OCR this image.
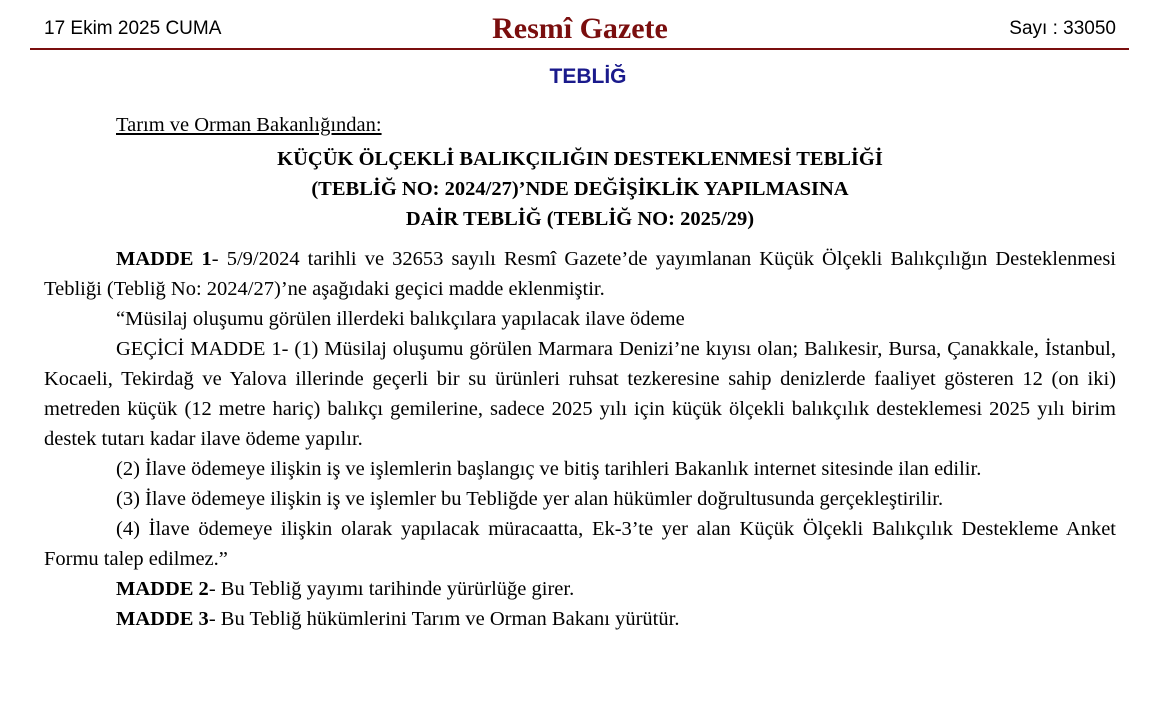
17 Ekim 2025 CUMA	Resmî Gazete	Sayı : 33050
TEBLİĞ
Tarım ve Orman Bakanlığından:
KÜÇÜK ÖLÇEKLİ BALIKÇILIĞIN DESTEKLENMESİ TEBLİĞİ
(TEBLİĞ NO: 2024/27)’NDE DEĞİŞİKLİK YAPILMASINA
DAİR TEBLİĞ (TEBLİĞ NO: 2025/29)

MADDE 1- 5/9/2024 tarihli ve 32653 sayılı Resmî Gazete’de yayımlanan Küçük Ölçekli Balıkçılığın Desteklenmesi Tebliği (Tebliğ No: 2024/27)’ne aşağıdaki geçici madde eklenmiştir.

“Müsilaj oluşumu görülen illerdeki balıkçılara yapılacak ilave ödeme

GEÇİCİ MADDE 1- (1) Müsilaj oluşumu görülen Marmara Denizi’ne kıyısı olan; Balıkesir, Bursa, Çanakkale, İstanbul, Kocaeli, Tekirdağ ve Yalova illerinde geçerli bir su ürünleri ruhsat tezkeresine sahip denizlerde faaliyet gösteren 12 (on iki) metreden küçük (12 metre hariç) balıkçı gemilerine, sadece 2025 yılı için küçük ölçekli balıkçılık desteklemesi 2025 yılı birim destek tutarı kadar ilave ödeme yapılır.

(2) İlave ödemeye ilişkin iş ve işlemlerin başlangıç ve bitiş tarihleri Bakanlık internet sitesinde ilan edilir.

(3) İlave ödemeye ilişkin iş ve işlemler bu Tebliğde yer alan hükümler doğrultusunda gerçekleştirilir.

(4) İlave ödemeye ilişkin olarak yapılacak müracaatta, Ek-3’te yer alan Küçük Ölçekli Balıkçılık Destekleme Anket Formu talep edilmez.”

MADDE 2- Bu Tebliğ yayımı tarihinde yürürlüğe girer.

MADDE 3- Bu Tebliğ hükümlerini Tarım ve Orman Bakanı yürütür.
